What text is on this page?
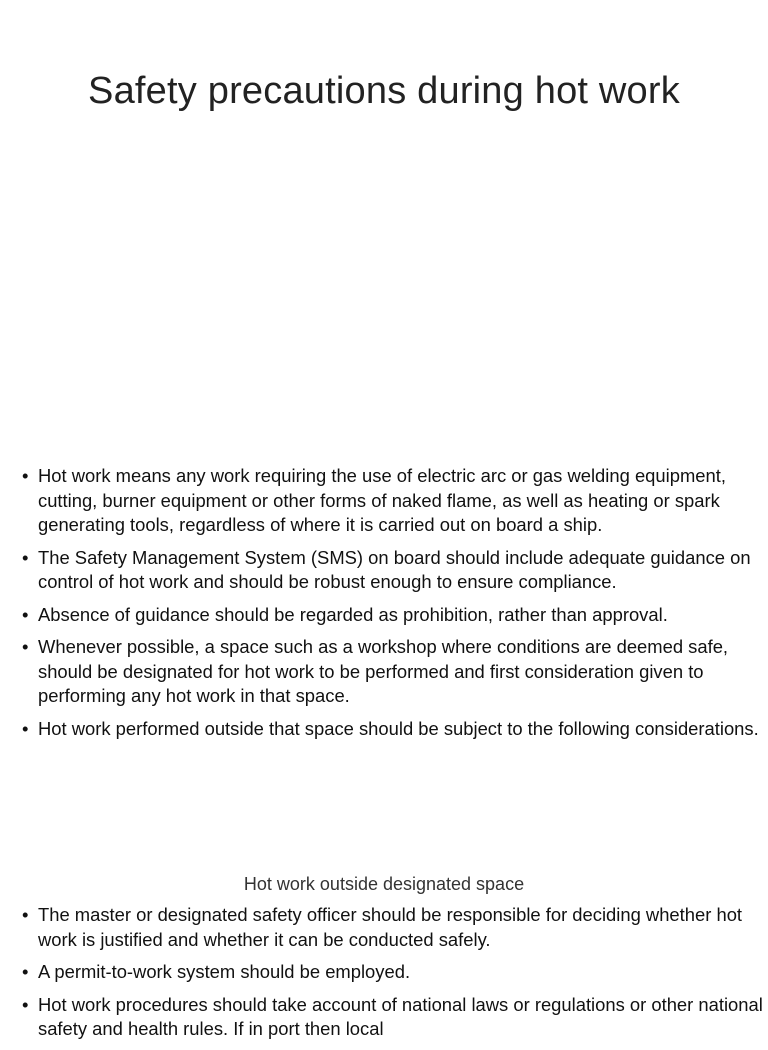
Safety precautions during hot work
• Hot work means any work requiring the use of electric arc or gas welding equipment, cutting, burner equipment or other forms of naked flame, as well as heating or spark generating tools, regardless of where it is carried out on board a ship.
• The Safety Management System (SMS) on board should include adequate guidance on control of hot work and should be robust enough to ensure compliance.
• Absence of guidance should be regarded as prohibition, rather than approval.
• Whenever possible, a space such as a workshop where conditions are deemed safe, should be designated for hot work to be performed and first consideration given to performing any hot work in that space.
• Hot work performed outside that space should be subject to the following considerations.
Hot work outside designated space
• The master or designated safety officer should be responsible for deciding whether hot work is justified and whether it can be conducted safely.
• A permit-to-work system should be employed.
• Hot work procedures should take account of national laws or regulations or other national safety and health rules. If in port then local
